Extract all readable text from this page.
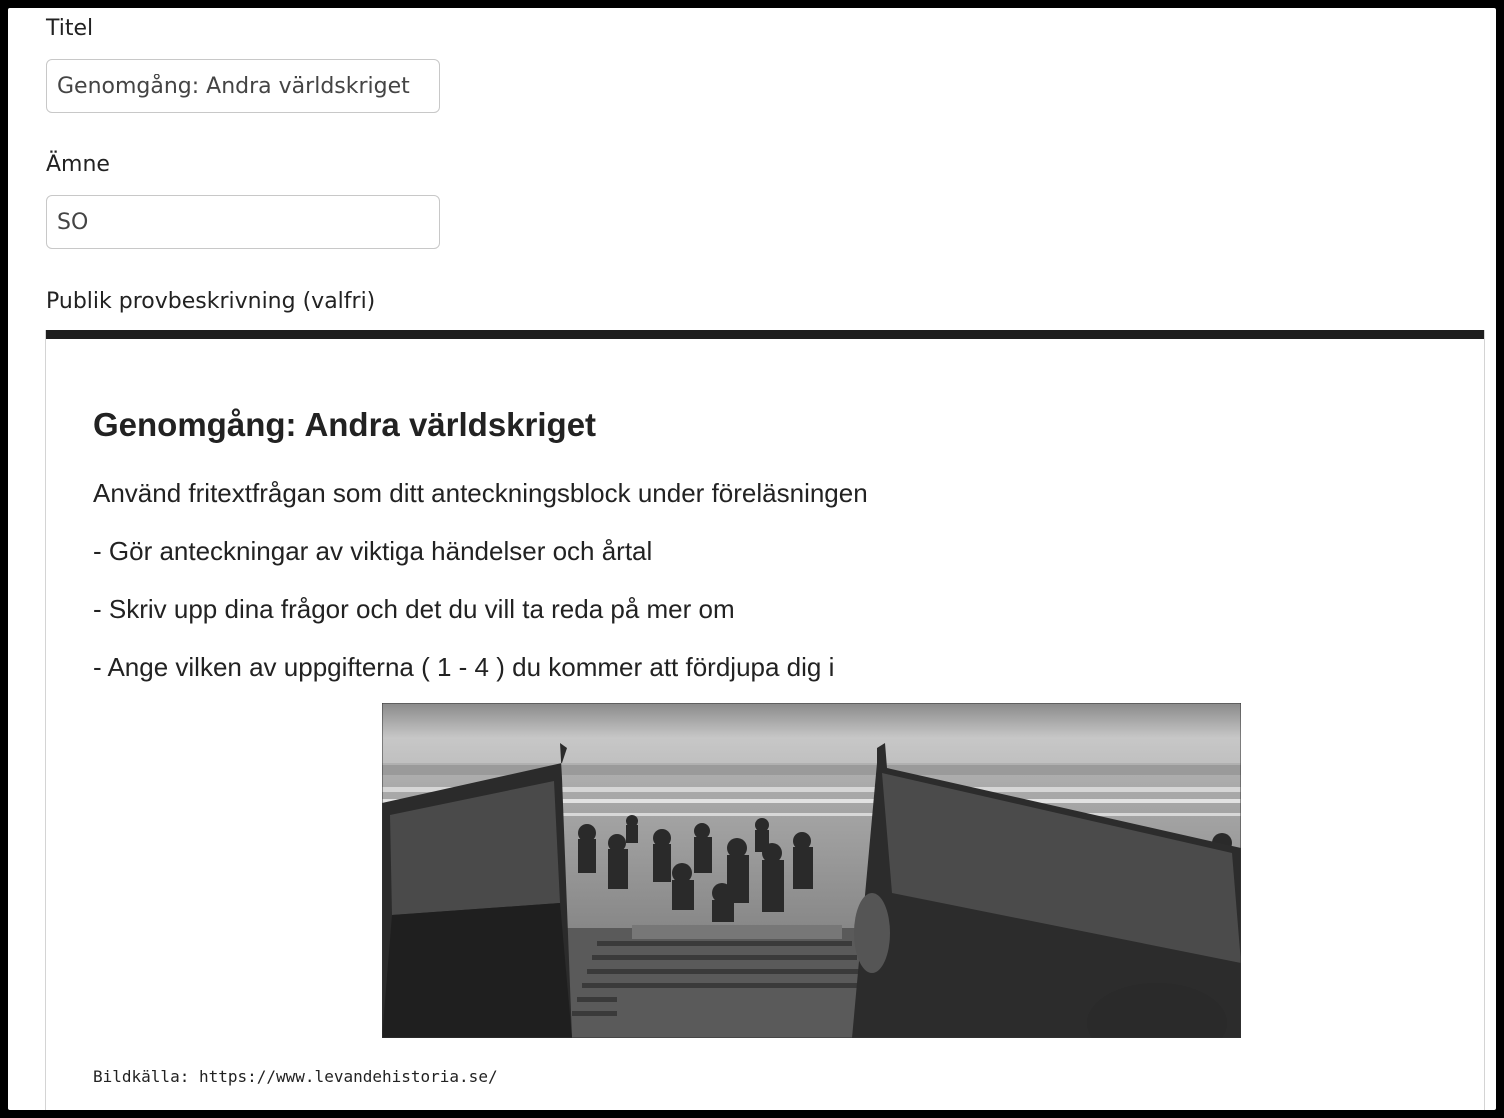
Titel
Genomgång: Andra världskriget
Ämne
SO
Publik provbeskrivning (valfri)
Genomgång: Andra världskriget
Använd fritextfrågan som ditt anteckningsblock under föreläsningen
- Gör anteckningar av viktiga händelser och årtal
- Skriv upp dina frågor och det du vill ta reda på mer om
- Ange vilken av uppgifterna ( 1 - 4 ) du kommer att fördjupa dig i
Bildkälla: https://www.levandehistoria.se/
